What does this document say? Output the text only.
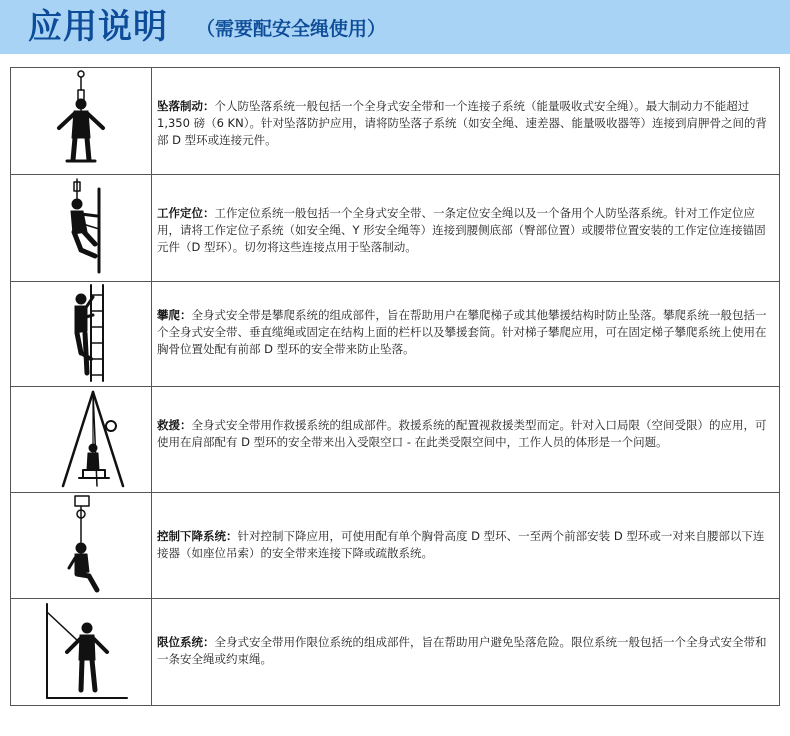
应用说明 （需要配安全绳使用）
坠落制动：个人防坠落系统一般包括一个全身式安全带和一个连接子系统（能量吸收式安全绳）。最大制动力不能超过 1,350 磅（6 KN）。针对坠落防护应用，请将防坠落子系统（如安全绳、速差器、能量吸收器等）连接到肩胛骨之间的背部 D 型环或连接元件。
工作定位：工作定位系统一般包括一个全身式安全带、一条定位安全绳以及一个备用个人防坠落系统。针对工作定位应用，请将工作定位子系统（如安全绳、Y 形安全绳等）连接到腰侧底部（臀部位置）或腰带位置安装的工作定位连接锚固元件（D 型环）。切勿将这些连接点用于坠落制动。
攀爬：全身式安全带是攀爬系统的组成部件，旨在帮助用户在攀爬梯子或其他攀援结构时防止坠落。攀爬系统一般包括一个全身式安全带、垂直缆绳或固定在结构上面的栏杆以及攀援套筒。针对梯子攀爬应用，可在固定梯子攀爬系统上使用在胸骨位置处配有前部 D 型环的安全带来防止坠落。
救援：全身式安全带用作救援系统的组成部件。救援系统的配置视救援类型而定。针对入口局限（空间受限）的应用，可使用在肩部配有 D 型环的安全带来出入受限空口 - 在此类受限空间中，工作人员的体形是一个问题。
控制下降系统：针对控制下降应用，可使用配有单个胸骨高度 D 型环、一至两个前部安装 D 型环或一对来自腰部以下连接器（如座位吊索）的安全带来连接下降或疏散系统。
限位系统：全身式安全带用作限位系统的组成部件，旨在帮助用户避免坠落危险。限位系统一般包括一个全身式安全带和一条安全绳或约束绳。
